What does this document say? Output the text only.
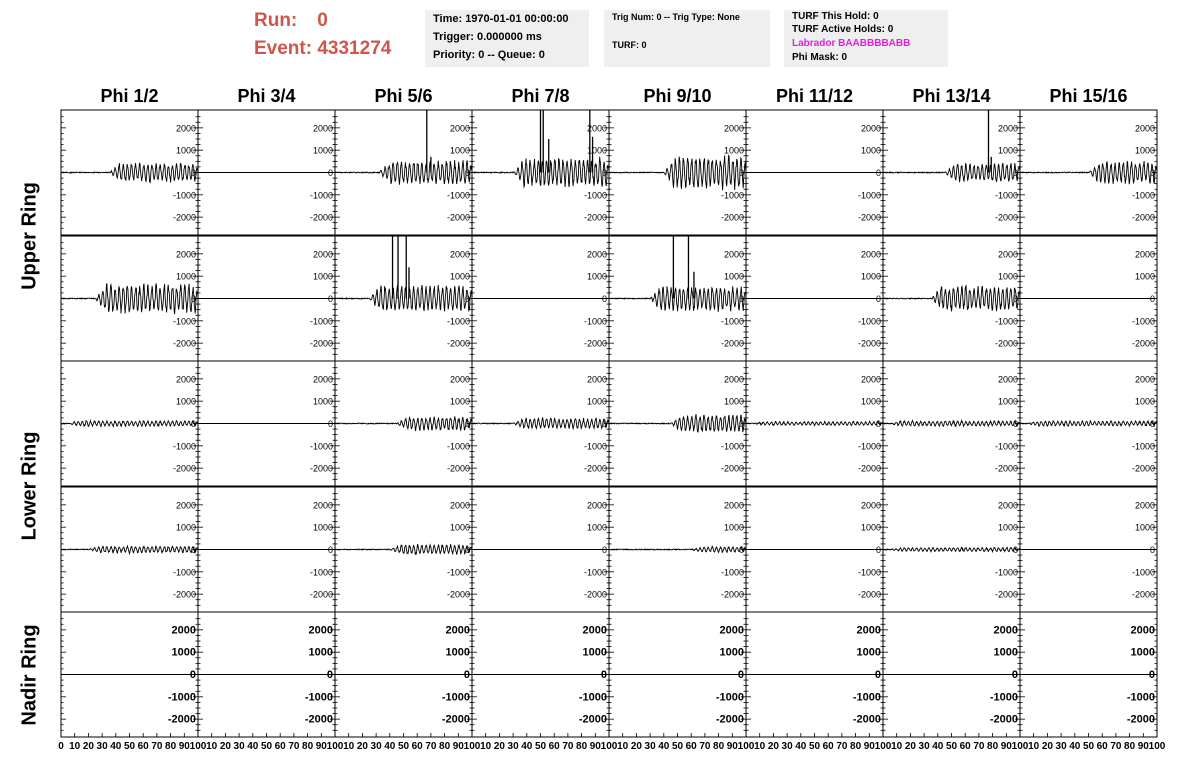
Run: 0
Event: 4331274
Time: 1970-01-01 00:00:00
Trigger: 0.000000 ms
Priority: 0 -- Queue: 0
Trig Num: 0 -- Trig Type: None
TURF: 0
TURF This Hold: 0
TURF Active Holds: 0
Labrador BAABBBBABB
Phi Mask: 0
Phi 1/2	Phi 3/4	Phi 5/6	Phi 7/8	Phi 9/10	Phi 11/12	Phi 13/14	Phi 15/16
Upper Ring
Lower Ring
Nadir Ring
2000
1000
0
-1000
-2000
2000
1000
0
-1000
-2000
2000
1000
0
-1000
-2000
2000
1000
0
-1000
-2000
2000
1000
0
-1000
-2000
2000
1000
0
-1000
-2000
2000
1000
0
-1000
-2000
2000
1000
0
-1000
-2000
2000
1000
0
-1000
-2000
2000
1000
0
-1000
-2000
2000
1000
0
-1000
-2000
2000
1000
0
-1000
-2000
2000
1000
0
-1000
-2000
2000
1000
0
-1000
-2000
2000
1000
0
-1000
-2000
2000
1000
0
-1000
-2000
2000
1000
0
-1000
-2000
2000
1000
0
-1000
-2000
2000
1000
0
-1000
-2000
2000
1000
0
-1000
-2000
2000
1000
0
-1000
-2000
2000
1000
0
-1000
-2000
2000
1000
0
-1000
-2000
2000
1000
0
-1000
-2000
2000
1000
0
-1000
-2000
2000
1000
0
-1000
-2000
2000
1000
0
-1000
-2000
2000
1000
0
-1000
-2000
2000
1000
0
-1000
-2000
2000
1000
0
-1000
-2000
2000
1000
0
-1000
-2000
2000
1000
0
-1000
-2000
2000
1000
0
-1000
-2000
2000
1000
0
-1000
-2000
2000
1000
0
-1000
-2000
2000
1000
0
-1000
-2000
2000
1000
0
-1000
-2000
2000
1000
0
-1000
-2000
2000
1000
0
-1000
-2000
2000
1000
0
-1000
-2000
0 10 20 30 40 50 60 70 80 90 100 10 20 30 40 50 60 70 80 90 100 10 20 30 40 50 60 70 80 90 100 10 20 30 40 50 60 70 80 90 100 10 20 30 40 50 60 70 80 90 100 10 20 30 40 50 60 70 80 90 100 10 20 30 40 50 60 70 80 90 100 10 20 30 40 50 60 70 80 90 100
